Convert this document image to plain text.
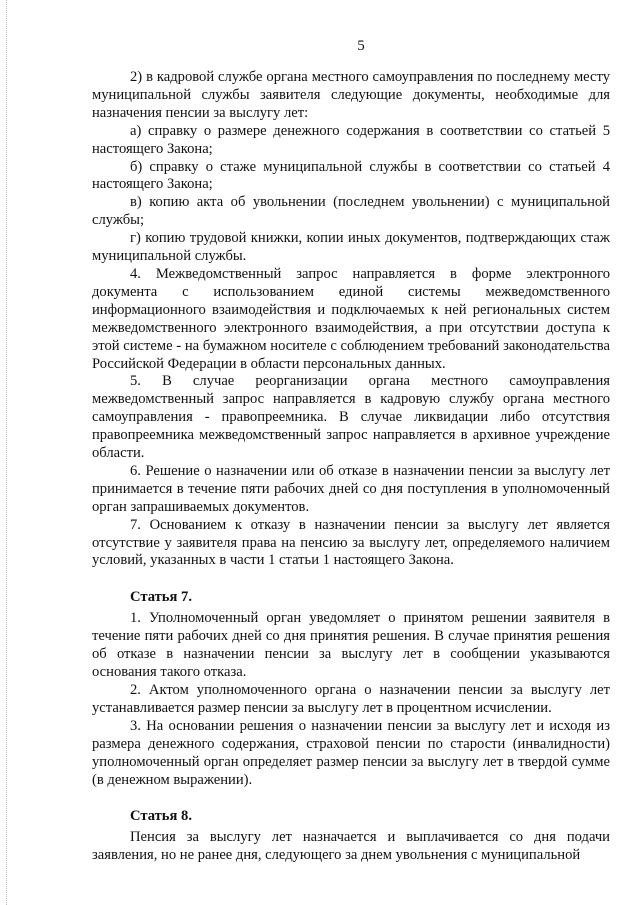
5

2) в кадровой службе органа местного самоуправления по последнему месту муниципальной службы заявителя следующие документы, необходимые для назначения пенсии за выслугу лет:

а) справку о размере денежного содержания в соответствии со статьей 5 настоящего Закона;

б) справку о стаже муниципальной службы в соответствии со статьей 4 настоящего Закона;

в) копию акта об увольнении (последнем увольнении) с муниципальной службы;

г) копию трудовой книжки, копии иных документов, подтверждающих стаж муниципальной службы.

4. Межведомственный запрос направляется в форме электронного документа с использованием единой системы межведомственного информационного взаимодействия и подключаемых к ней региональных систем межведомственного электронного взаимодействия, а при отсутствии доступа к этой системе - на бумажном носителе с соблюдением требований законодательства Российской Федерации в области персональных данных.

5. В случае реорганизации органа местного самоуправления межведомственный запрос направляется в кадровую службу органа местного самоуправления - правопреемника. В случае ликвидации либо отсутствия правопреемника межведомственный запрос направляется в архивное учреждение области.

6. Решение о назначении или об отказе в назначении пенсии за выслугу лет принимается в течение пяти рабочих дней со дня поступления в уполномоченный орган запрашиваемых документов.

7. Основанием к отказу в назначении пенсии за выслугу лет является отсутствие у заявителя права на пенсию за выслугу лет, определяемого наличием условий, указанных в части 1 статьи 1 настоящего Закона.

Статья 7.

1. Уполномоченный орган уведомляет о принятом решении заявителя в течение пяти рабочих дней со дня принятия решения. В случае принятия решения об отказе в назначении пенсии за выслугу лет в сообщении указываются основания такого отказа.

2. Актом уполномоченного органа о назначении пенсии за выслугу лет устанавливается размер пенсии за выслугу лет в процентном исчислении.

3. На основании решения о назначении пенсии за выслугу лет и исходя из размера денежного содержания, страховой пенсии по старости (инвалидности) уполномоченный орган определяет размер пенсии за выслугу лет в твердой сумме (в денежном выражении).

Статья 8.

Пенсия за выслугу лет назначается и выплачивается со дня подачи заявления, но не ранее дня, следующего за днем увольнения с муниципальной
